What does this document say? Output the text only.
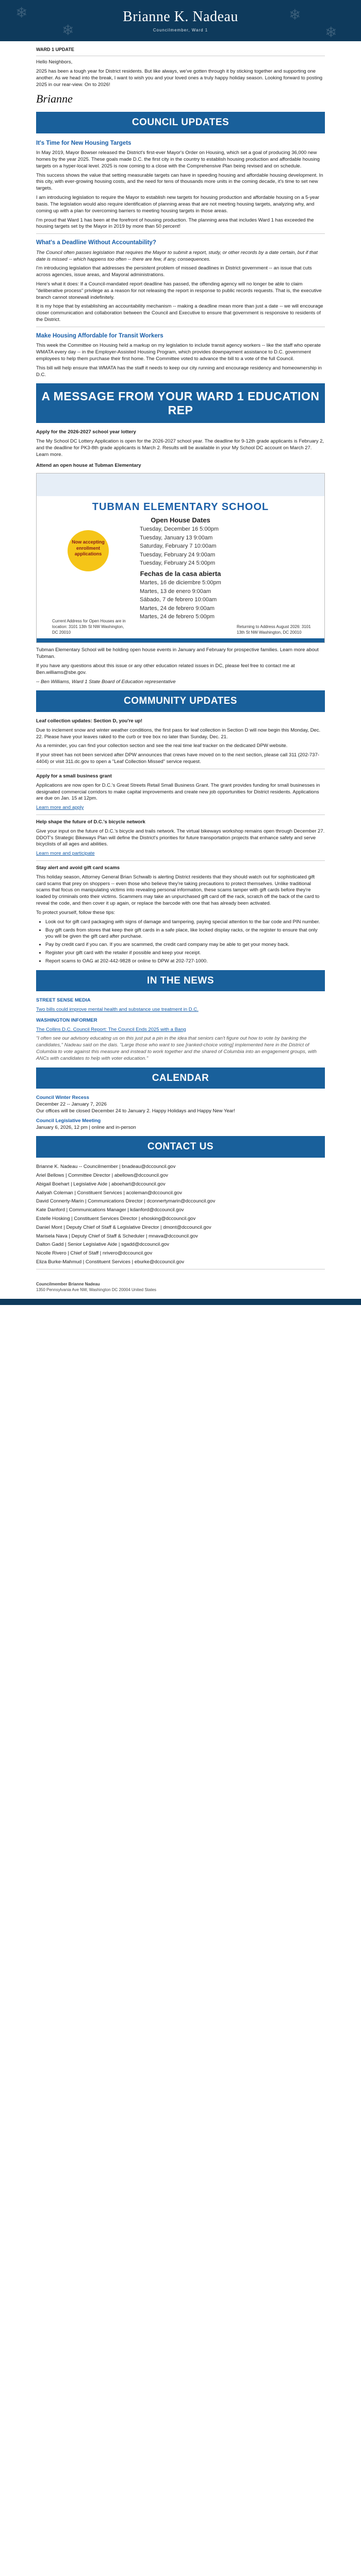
❄
❄
❄
❄
Brianne K. Nadeau
Councilmember, Ward 1
WARD 1 UPDATE

Hello Neighbors,

2025 has been a tough year for District residents. But like always, we've gotten through it by sticking together and supporting one another. As we head into the break, I want to wish you and your loved ones a truly happy holiday season. Looking forward to posting 2025 in our rear-view. On to 2026!

Brianne
COUNCIL UPDATES
It's Time for New Housing Targets

In May 2019, Mayor Bowser released the District's first-ever Mayor's Order on Housing, which set a goal of producing 36,000 new homes by the year 2025. These goals made D.C. the first city in the country to establish housing production and affordable housing targets on a hyper-local level. 2025 is now coming to a close with the Comprehensive Plan being revised and on schedule.

This success shows the value that setting measurable targets can have in speeding housing and affordable housing development. In this city, with ever-growing housing costs, and the need for tens of thousands more units in the coming decade, it's time to set new targets.

I am introducing legislation to require the Mayor to establish new targets for housing production and affordable housing on a 5-year basis. The legislation would also require identification of planning areas that are not meeting housing targets, analyzing why, and coming up with a plan for overcoming barriers to meeting housing targets in those areas.

I'm proud that Ward 1 has been at the forefront of housing production. The planning area that includes Ward 1 has exceeded the housing targets set by the Mayor in 2019 by more than 50 percent!

What's a Deadline Without Accountability?

The Council often passes legislation that requires the Mayor to submit a report, study, or other records by a date certain, but if that date is missed -- which happens too often -- there are few, if any, consequences.

I'm introducing legislation that addresses the persistent problem of missed deadlines in District government -- an issue that cuts across agencies, issue areas, and Mayoral administrations.

Here's what it does: If a Council-mandated report deadline has passed, the offending agency will no longer be able to claim "deliberative process" privilege as a reason for not releasing the report in response to public records requests. That is, the executive branch cannot stonewall indefinitely.

It is my hope that by establishing an accountability mechanism -- making a deadline mean more than just a date -- we will encourage closer communication and collaboration between the Council and Executive to ensure that government is responsive to residents of the District.

Make Housing Affordable for Transit Workers

This week the Committee on Housing held a markup on my legislation to include transit agency workers -- like the staff who operate WMATA every day -- in the Employer-Assisted Housing Program, which provides downpayment assistance to D.C. government employees to help them purchase their first home. The Committee voted to advance the bill to a vote of the full Council.

This bill will help ensure that WMATA has the staff it needs to keep our city running and encourage residency and homeownership in D.C.

A MESSAGE FROM YOUR WARD 1 EDUCATION REP
Apply for the 2026-2027 school year lottery

The My School DC Lottery Application is open for the 2026-2027 school year. The deadline for 9-12th grade applicants is February 2, and the deadline for PK3-8th grade applicants is March 2. Results will be available in your My School DC account on March 27. Learn more.

Attend an open house at Tubman Elementary
TUBMAN ELEMENTARY SCHOOL
Open House Dates
Tuesday, December 16 5:00pm
Tuesday, January 13 9:00am
Saturday, February 7 10:00am
Tuesday, February 24 9:00am
Tuesday, February 24 5:00pm
Now accepting enrollment applications
Fechas de la casa abierta
Martes, 16 de diciembre 5:00pm
Martes, 13 de enero 9:00am
Sábado, 7 de febrero 10:00am
Martes, 24 de febrero 9:00am
Martes, 24 de febrero 5:00pm
Current Address for Open Houses are in location: 3101 13th St NW Washington, DC 20010
Returning to Address August 2026: 3101 13th St NW Washington, DC 20010

Tubman Elementary School will be holding open house events in January and February for prospective families. Learn more about Tubman.

If you have any questions about this issue or any other education related issues in DC, please feel free to contact me at Ben.williams@sbe.gov.

-- Ben Williams, Ward 1 State Board of Education representative

COMMUNITY UPDATES
Leaf collection updates: Section D, you're up!

Due to inclement snow and winter weather conditions, the first pass for leaf collection in Section D will now begin this Monday, Dec. 22. Please have your leaves raked to the curb or tree box no later than Sunday, Dec. 21.

As a reminder, you can find your collection section and see the real time leaf tracker on the dedicated DPW website.

If your street has not been serviced after DPW announces that crews have moved on to the next section, please call 311 (202-737-4404) or visit 311.dc.gov to open a "Leaf Collection Missed" service request.

Apply for a small business grant

Applications are now open for D.C.'s Great Streets Retail Small Business Grant. The grant provides funding for small businesses in designated commercial corridors to make capital improvements and create new job opportunities for District residents. Applications are due on Jan. 15 at 12pm.

Learn more and apply

Help shape the future of D.C.'s bicycle network

Give your input on the future of D.C.'s bicycle and trails network. The virtual bikeways workshop remains open through December 27. DDOT's Strategic Bikeways Plan will define the District's priorities for future transportation projects that enhance safety and serve bicyclists of all ages and abilities.

Learn more and participate

Stay alert and avoid gift card scams

This holiday season, Attorney General Brian Schwalb is alerting District residents that they should watch out for sophisticated gift card scams that prey on shoppers -- even those who believe they're taking precautions to protect themselves. Unlike traditional scams that focus on manipulating victims into revealing personal information, these scams tamper with gift cards before they're loaded by criminals onto their victims. Scammers may take an unpurchased gift card off the rack, scratch off the back of the card to reveal the code, and then cover it up again, or replace the barcode with one that has already been activated.

To protect yourself, follow these tips:

• Look out for gift card packaging with signs of damage and tampering, paying special attention to the bar code and PIN number.
• Buy gift cards from stores that keep their gift cards in a safe place, like locked display racks, or the register to ensure that only you will be given the gift card after purchase.
• Pay by credit card if you can. If you are scammed, the credit card company may be able to get your money back.
• Register your gift card with the retailer if possible and keep your receipt.
• Report scams to OAG at 202-442-9828 or online to DPW at 202-727-1000.
IN THE NEWS
STREET SENSE MEDIA

Two bills could improve mental health and substance use treatment in D.C.

WASHINGTON INFORMER

The Collins D.C. Council Report: The Council Ends 2025 with a Bang

"I often see our advisory educating us on this just put a pin in the idea that seniors can't figure out how to vote by banking the candidates," Nadeau said on the dais. "Large those who want to see [ranked-choice voting] implemented here in the District of Columbia to vote against this measure and instead to work together and the shared of Columbia into an engagement groups, with ANCs with candidates to help with voter education."

CALENDAR
Council Winter Recess
December 22 -- January 7, 2026
Our offices will be closed December 24 to January 2. Happy Holidays and Happy New Year!
Council Legislative Meeting
January 6, 2026, 12 pm | online and in-person
CONTACT US
Brianne K. Nadeau -- Councilmember | bnadeau@dccouncil.gov
Ariel Bellows | Committee Director | abellows@dccouncil.gov
Abigail Boehart | Legislative Aide | aboehart@dccouncil.gov
Aaliyah Coleman | Constituent Services | acoleman@dccouncil.gov
David Connerty-Marin | Communications Director | dconnertymarin@dccouncil.gov
Kate Danford | Communications Manager | kdanford@dccouncil.gov
Estelle Hosking | Constituent Services Director | ehosking@dccouncil.gov
Daniel Mont | Deputy Chief of Staff & Legislative Director | dmont@dccouncil.gov
Marisela Nava | Deputy Chief of Staff & Scheduler | mnava@dccouncil.gov
Dalton Gadd | Senior Legislative Aide | sgadd@dccouncil.gov
Nicolle Rivero | Chief of Staff | nrivero@dccouncil.gov
Eliza Burke-Mahmud | Constituent Services | eburke@dccouncil.gov
Councilmember Brianne Nadeau
1350 Pennsylvania Ave NW, Washington DC 20004 United States
